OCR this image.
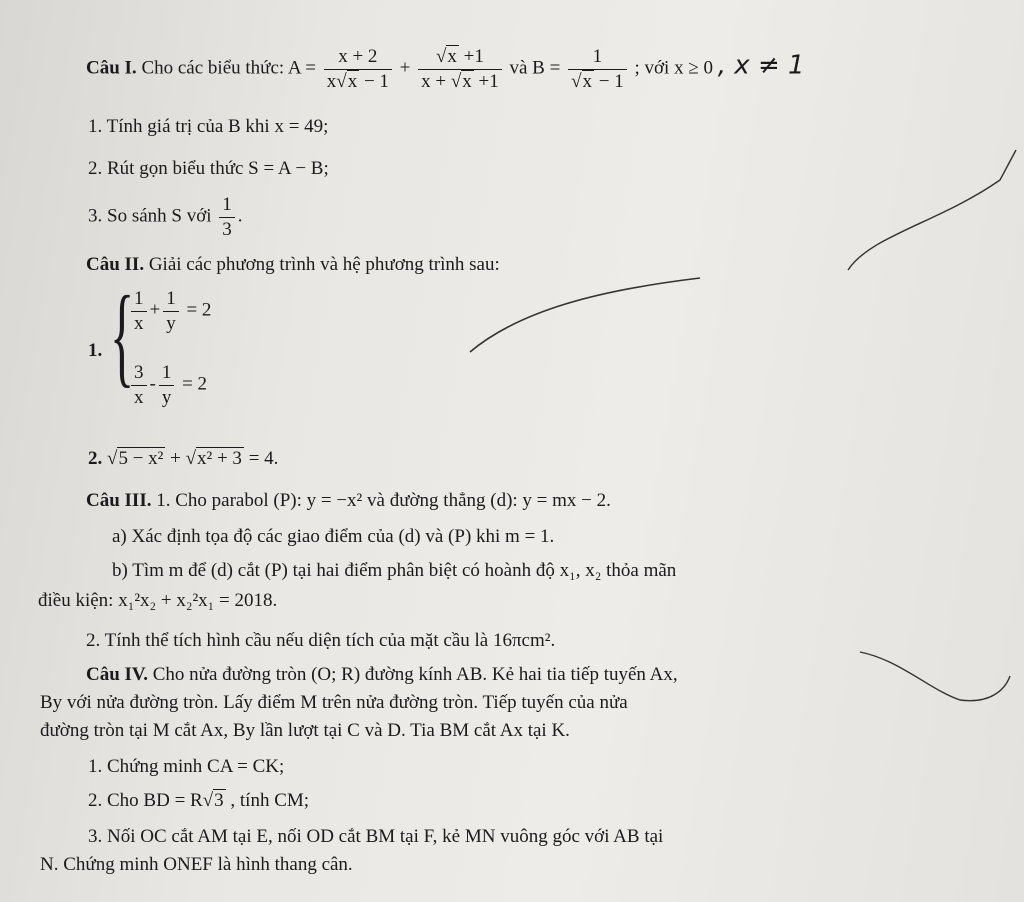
Câu I. Cho các biểu thức: $A = \frac{x + 2}{x√x - 1} + \frac{√x +1}{x + √x +1}$ và $B = \frac{1}{√x - 1}$ ; với x ≥ 0 , x ≠ 1
1. Tính giá trị của B khi x = 49;
2. Rút gọn biểu thức S = A − B;
3. So sánh S với $\frac{1}{3}$ .
Câu II. Giải các phương trình và hệ phương trình sau:
1. {
$\frac{1}{x} + \frac{1}{y} = 2$
$\frac{3}{x} - \frac{1}{y} = 2$
2. √5 − x² + √x² + 3 = 4.
Câu III. 1. Cho parabol (P): y = −x² và đường thẳng (d): y = mx − 2.
a) Xác định tọa độ các giao điểm của (d) và (P) khi m = 1.
b) Tìm m để (d) cắt (P) tại hai điểm phân biệt có hoành độ x₁, x₂ thỏa mãn
điều kiện: x₁²x₂ + x₂²x₁ = 2018.
2. Tính thể tích hình cầu nếu diện tích của mặt cầu là 16πcm².
Câu IV. Cho nửa đường tròn (O; R) đường kính AB. Kẻ hai tia tiếp tuyến Ax,
By với nửa đường tròn. Lấy điểm M trên nửa đường tròn. Tiếp tuyến của nửa
đường tròn tại M cắt Ax, By lần lượt tại C và D. Tia BM cắt Ax tại K.
1. Chứng minh CA = CK;
2. Cho BD = R√3 , tính CM;
3. Nối OC cắt AM tại E, nối OD cắt BM tại F, kẻ MN vuông góc với AB tại
N. Chứng minh ONEF là hình thang cân.
